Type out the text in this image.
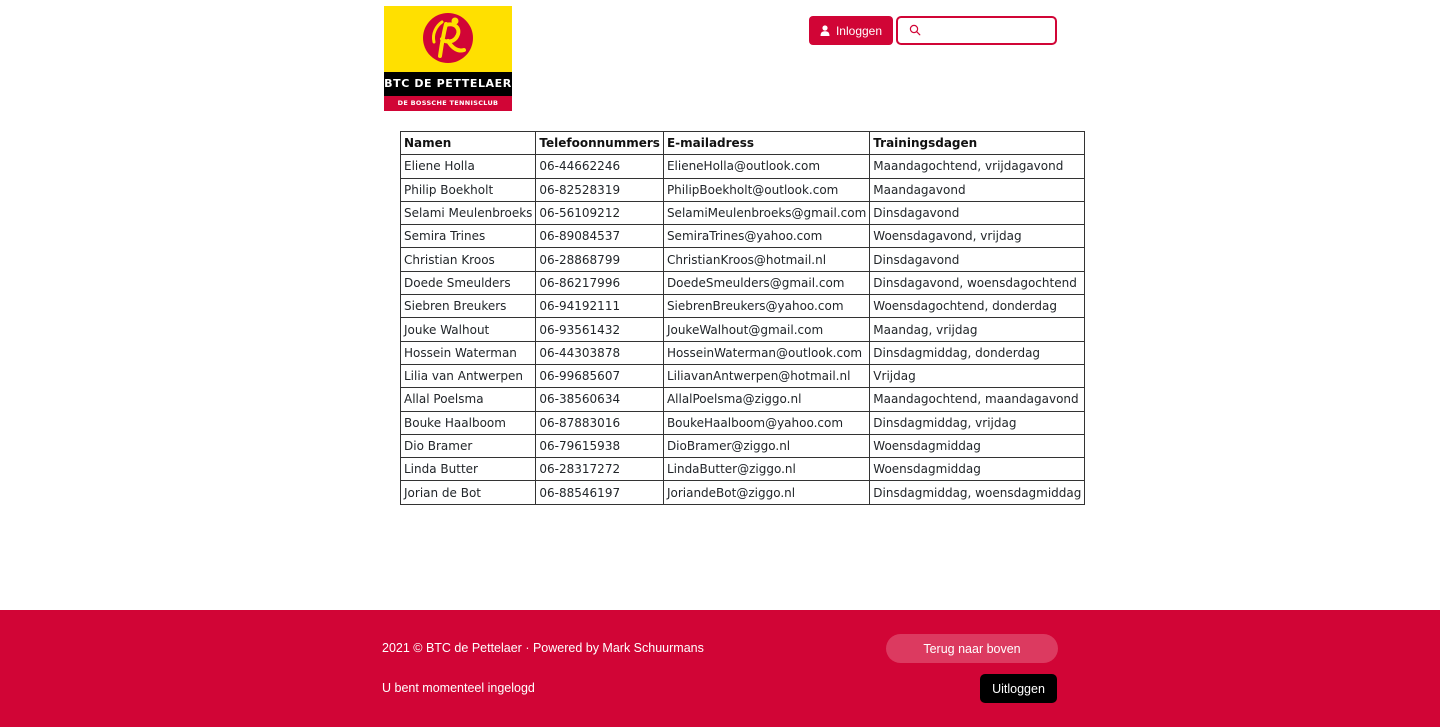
BTC DE PETTELAER
DE BOSSCHE TENNISCLUB
Inloggen
Namen	Telefoonnummers	E-mailadress	Trainingsdagen
Eliene Holla	06-44662246	ElieneHolla@outlook.com	Maandagochtend, vrijdagavond
Philip Boekholt	06-82528319	PhilipBoekholt@outlook.com	Maandagavond
Selami Meulenbroeks	06-56109212	SelamiMeulenbroeks@gmail.com	Dinsdagavond
Semira Trines	06-89084537	SemiraTrines@yahoo.com	Woensdagavond, vrijdag
Christian Kroos	06-28868799	ChristianKroos@hotmail.nl	Dinsdagavond
Doede Smeulders	06-86217996	DoedeSmeulders@gmail.com	Dinsdagavond, woensdagochtend
Siebren Breukers	06-94192111	SiebrenBreukers@yahoo.com	Woensdagochtend, donderdag
Jouke Walhout	06-93561432	JoukeWalhout@gmail.com	Maandag, vrijdag
Hossein Waterman	06-44303878	HosseinWaterman@outlook.com	Dinsdagmiddag, donderdag
Lilia van Antwerpen	06-99685607	LiliavanAntwerpen@hotmail.nl	Vrijdag
Allal Poelsma	06-38560634	AllalPoelsma@ziggo.nl	Maandagochtend, maandagavond
Bouke Haalboom	06-87883016	BoukeHaalboom@yahoo.com	Dinsdagmiddag, vrijdag
Dio Bramer	06-79615938	DioBramer@ziggo.nl	Woensdagmiddag
Linda Butter	06-28317272	LindaButter@ziggo.nl	Woensdagmiddag
Jorian de Bot	06-88546197	JoriandeBot@ziggo.nl	Dinsdagmiddag, woensdagmiddag
2021 © BTC de Pettelaer · Powered by Mark Schuurmans
U bent momenteel ingelogd
Terug naar boven
Uitloggen
